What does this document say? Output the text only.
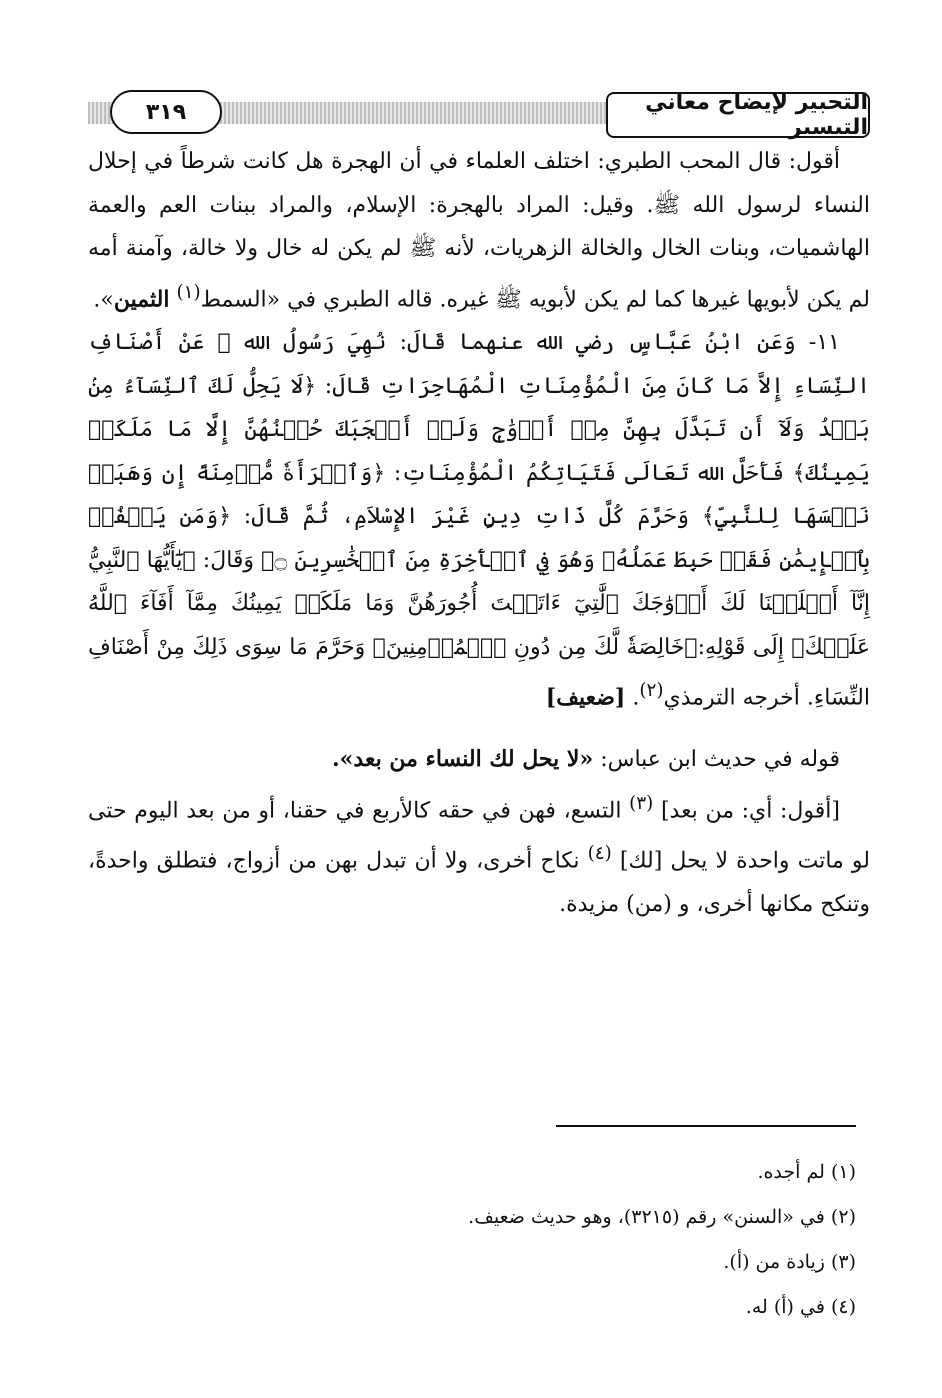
٣١٩	التحبير لإيضاح معاني التيسير

أقول: قال المحب الطبري: اختلف العلماء في أن الهجرة هل كانت شرطاً في إحلال النساء لرسول الله ﷺ. وقيل: المراد بالهجرة: الإسلام، والمراد ببنات العم والعمة الهاشميات، وبنات الخال والخالة الزهريات، لأنه ﷺ لم يكن له خال ولا خالة، وآمنة أمه لم يكن لأبويها غيرها كما لم يكن لأبويه ﷺ غيره. قاله الطبري في «السمط$^{(١)}$ الثمين».

١١- وَعَن ابْنُ عَبَّاسٍ رضي الله عنهما قَالَ: نُهِيَ رَسُولُ الله ﷺ عَنْ أَصْنَافِ النِّسَاءِ إِلاَّ مَا كَانَ مِنَ الْمُؤْمِنَاتِ الْمُهَاجِرَاتِ قَالَ: ﴿لَا يَحِلُّ لَكَ ٱلنِّسَآءُ مِنۢ بَعۡدُ وَلَآ أَن تَبَدَّلَ بِهِنَّ مِنۡ أَزۡوَٰجٖ وَلَوۡ أَعۡجَبَكَ حُسۡنُهُنَّ إِلَّا مَا مَلَكَتۡ يَمِينُكَ﴾ فَأَحَلَّ الله تَعَالَى فَتَيَاتِكُمُ الْمُؤْمِنَاتِ: ﴿وَٱمۡرَأَةٗ مُّؤۡمِنَةً إِن وَهَبَتۡ نَفۡسَهَا لِلنَّبِيِّ﴾ وَحَرَّمَ كُلَّ ذَاتِ دِينٍ غَيْرَ الإِسْلاَمِ، ثُمَّ قَالَ: ﴿وَمَن يَكۡفُرۡ بِٱلۡإِيمَٰنِ فَقَدۡ حَبِطَ عَمَلُهُۥ وَهُوَ فِي ٱلۡأٓخِرَةِ مِنَ ٱلۡخَٰسِرِينَ ۝﴾ وَقَالَ: ﴿يَٰٓأَيُّهَا ٱلنَّبِيُّ إِنَّآ أَحۡلَلۡنَا لَكَ أَزۡوَٰجَكَ ٱلَّٰتِيٓ ءَاتَيۡتَ أُجُورَهُنَّ وَمَا مَلَكَتۡ يَمِينُكَ مِمَّآ أَفَآءَ ٱللَّهُ عَلَيۡكَ﴾ إِلَى قَوْلِهِ:﴿خَالِصَةٗ لَّكَ مِن دُونِ ٱلۡمُؤۡمِنِينَ﴾ وَحَرَّمَ مَا سِوَى ذَلِكَ مِنْ أَصْنَافِ النِّسَاءِ. أخرجه الترمذي$^{(٢)}$. [ضعيف]

قوله في حديث ابن عباس: «لا يحل لك النساء من بعد».

[أقول: أي: من بعد] $^{(٣)}$ التسع، فهن في حقه كالأربع في حقنا، أو من بعد اليوم حتى لو ماتت واحدة لا يحل [لك] $^{(٤)}$ نكاح أخرى، ولا أن تبدل بهن من أزواج، فتطلق واحدةً، وتنكح مكانها أخرى، و (من) مزيدة.

(١) لم أجده.
(٢) في «السنن» رقم (٣٢١٥)، وهو حديث ضعيف.
(٣) زيادة من (أ).
(٤) في (أ) له.
